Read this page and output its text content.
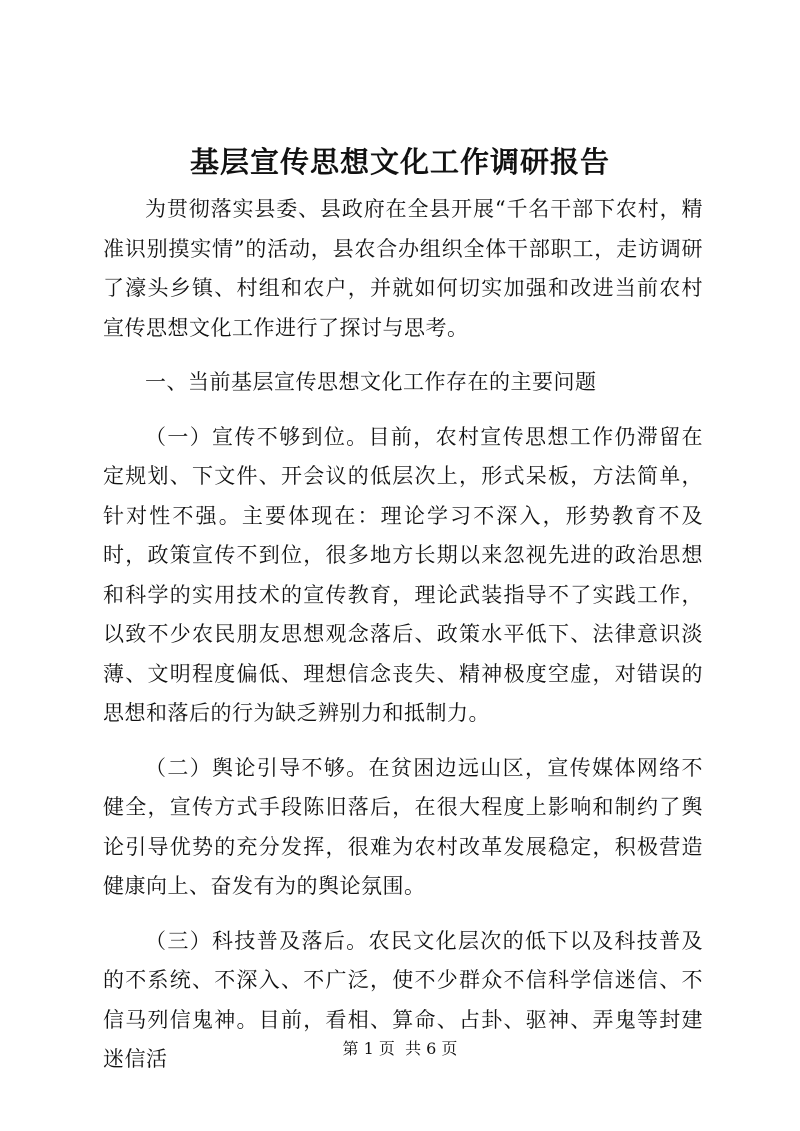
基层宣传思想文化工作调研报告

为贯彻落实县委、县政府在全县开展“千名干部下农村，精准识别摸实情”的活动，县农合办组织全体干部职工，走访调研了濠头乡镇、村组和农户，并就如何切实加强和改进当前农村宣传思想文化工作进行了探讨与思考。

一、当前基层宣传思想文化工作存在的主要问题

（一）宣传不够到位。目前，农村宣传思想工作仍滞留在定规划、下文件、开会议的低层次上，形式呆板，方法简单，针对性不强。主要体现在：理论学习不深入，形势教育不及时，政策宣传不到位，很多地方长期以来忽视先进的政治思想和科学的实用技术的宣传教育，理论武装指导不了实践工作，以致不少农民朋友思想观念落后、政策水平低下、法律意识淡薄、文明程度偏低、理想信念丧失、精神极度空虚，对错误的思想和落后的行为缺乏辨别力和抵制力。

（二）舆论引导不够。在贫困边远山区，宣传媒体网络不健全，宣传方式手段陈旧落后，在很大程度上影响和制约了舆论引导优势的充分发挥，很难为农村改革发展稳定，积极营造健康向上、奋发有为的舆论氛围。

（三）科技普及落后。农民文化层次的低下以及科技普及的不系统、不深入、不广泛，使不少群众不信科学信迷信、不信马列信鬼神。目前，看相、算命、占卦、驱神、弄鬼等封建迷信活	第 1 页  共 6 页
